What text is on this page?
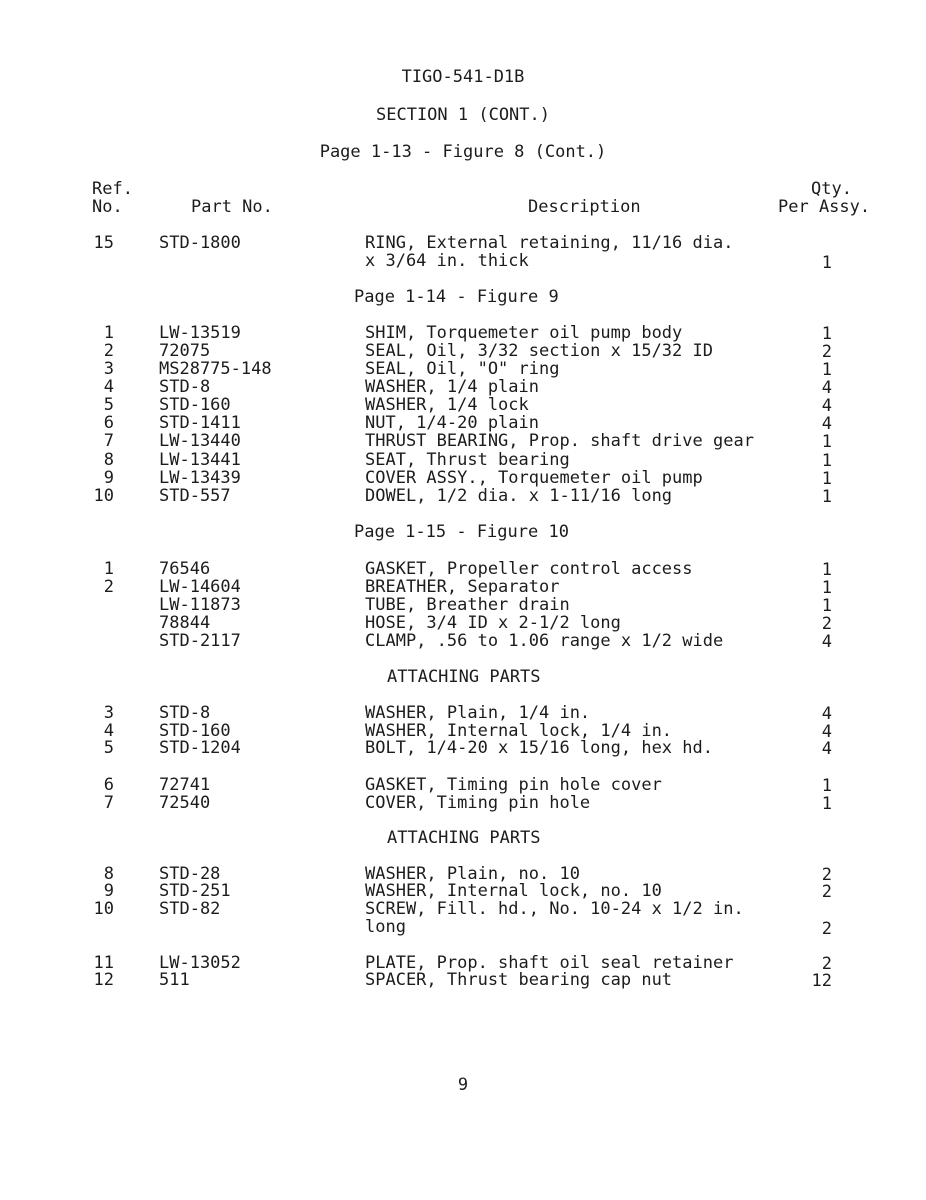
TIGO-541-D1B
SECTION 1 (CONT.)
Page 1-13 - Figure 8 (Cont.)
Ref.
No.	Part No.	Description
Qty.
Per Assy.
15	STD-1800	RING, External retaining, 11/16 dia.
x 3/64 in. thick	1
Page 1-14 - Figure 9
1	LW-13519	SHIM, Torquemeter oil pump body	1
2	72075	SEAL, Oil, 3/32 section x 15/32 ID	2
3	MS28775-148	SEAL, Oil, "O" ring	1
4	STD-8	WASHER, 1/4 plain	4
5	STD-160	WASHER, 1/4 lock	4
6	STD-1411	NUT, 1/4-20 plain	4
7	LW-13440	THRUST BEARING, Prop. shaft drive gear	1
8	LW-13441	SEAT, Thrust bearing	1
9	LW-13439	COVER ASSY., Torquemeter oil pump	1
10	STD-557	DOWEL, 1/2 dia. x 1-11/16 long	1
Page 1-15 - Figure 10
1	76546	GASKET, Propeller control access	1
2	LW-14604	BREATHER, Separator	1
LW-11873	TUBE, Breather drain	1
78844	HOSE, 3/4 ID x 2-1/2 long	2
STD-2117	CLAMP, .56 to 1.06 range x 1/2 wide	4
ATTACHING PARTS
3	STD-8	WASHER, Plain, 1/4 in.	4
4	STD-160	WASHER, Internal lock, 1/4 in.	4
5	STD-1204	BOLT, 1/4-20 x 15/16 long, hex hd.	4
6	72741	GASKET, Timing pin hole cover	1
7	72540	COVER, Timing pin hole	1
ATTACHING PARTS
8	STD-28	WASHER, Plain, no. 10	2
9	STD-251	WASHER, Internal lock, no. 10	2
10	STD-82	SCREW, Fill. hd., No. 10-24 x 1/2 in.
long	2
11	LW-13052	PLATE, Prop. shaft oil seal retainer	2
12	511	SPACER, Thrust bearing cap nut	12
9
